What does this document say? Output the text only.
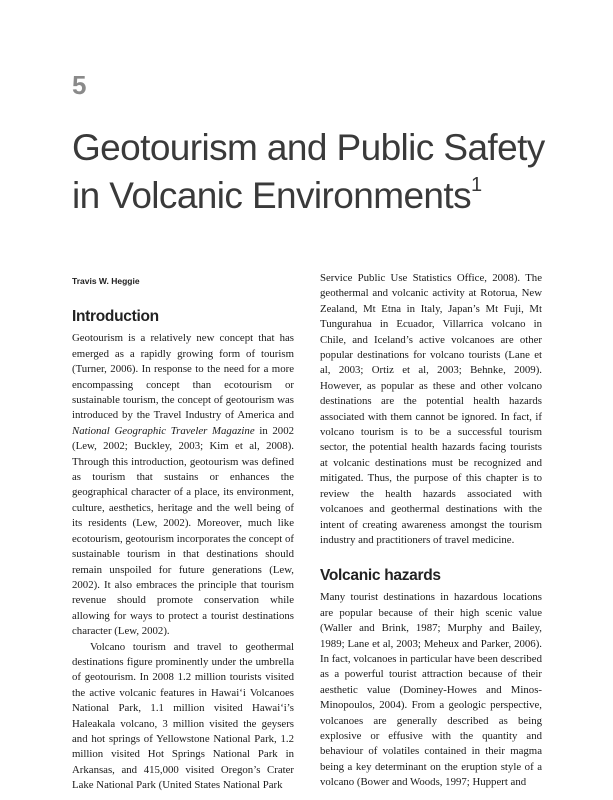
5
Geotourism and Public Safety
in Volcanic Environments$^1$
Travis W. Heggie
Introduction

Geotourism is a relatively new concept that has emerged as a rapidly growing form of tourism (Turner, 2006). In response to the need for a more encompassing concept than ecotourism or sustainable tourism, the concept of geotourism was introduced by the Travel Industry of America and National Geographic Traveler Magazine in 2002 (Lew, 2002; Buckley, 2003; Kim et al, 2008). Through this introduction, geotourism was defined as tourism that sustains or enhances the geographical character of a place, its environment, culture, aesthetics, heritage and the well being of its residents (Lew, 2002). Moreover, much like ecotourism, geotourism incorporates the concept of sustainable tourism in that destinations should remain unspoiled for future generations (Lew, 2002). It also embraces the principle that tourism revenue should promote conservation while allowing for ways to protect a tourist destinations character (Lew, 2002).

Volcano tourism and travel to geothermal destinations figure prominently under the umbrella of geotourism. In 2008 1.2 million tourists visited the active volcanic features in Hawai‘i Volcanoes National Park, 1.1 million visited Hawai‘i’s Haleakala volcano, 3 million visited the geysers and hot springs of Yellowstone National Park, 1.2 million visited Hot Springs National Park in Arkansas, and 415,000 visited Oregon’s Crater Lake National Park (United States National Park

Service Public Use Statistics Office, 2008). The geothermal and volcanic activity at Rotorua, New Zealand, Mt Etna in Italy, Japan’s Mt Fuji, Mt Tungurahua in Ecuador, Villarrica volcano in Chile, and Iceland’s active volcanoes are other popular destinations for volcano tourists (Lane et al, 2003; Ortiz et al, 2003; Behnke, 2009). However, as popular as these and other volcano destinations are the potential health hazards associated with them cannot be ignored. In fact, if volcano tourism is to be a successful tourism sector, the potential health hazards facing tourists at volcanic destinations must be recognized and mitigated. Thus, the purpose of this chapter is to review the health hazards associated with volcanoes and geothermal destinations with the intent of creating awareness amongst the tourism industry and practitioners of travel medicine.

Volcanic hazards

Many tourist destinations in hazardous locations are popular because of their high scenic value (Waller and Brink, 1987; Murphy and Bailey, 1989; Lane et al, 2003; Meheux and Parker, 2006). In fact, volcanoes in particular have been described as a powerful tourist attraction because of their aesthetic value (Dominey-Howes and Minos-Minopoulos, 2004). From a geologic perspective, volcanoes are generally described as being explosive or effusive with the quantity and behaviour of volatiles contained in their magma being a key determinant on the eruption style of a volcano (Bower and Woods, 1997; Huppert and
